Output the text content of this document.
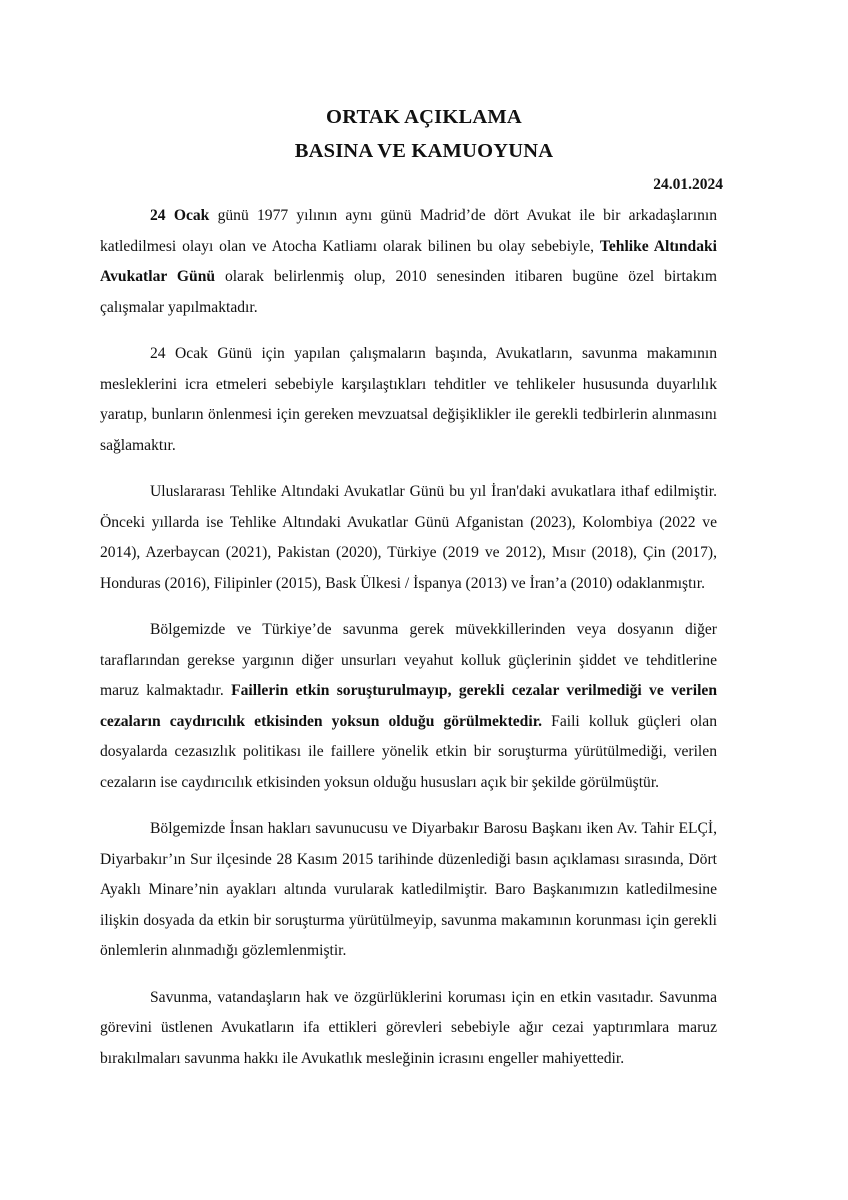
ORTAK AÇIKLAMA
BASINA VE KAMUOYUNA
24.01.2024

24 Ocak günü 1977 yılının aynı günü Madrid’de dört Avukat ile bir arkadaşlarının katledilmesi olayı olan ve Atocha Katliamı olarak bilinen bu olay sebebiyle, Tehlike Altındaki Avukatlar Günü olarak belirlenmiş olup, 2010 senesinden itibaren bugüne özel birtakım çalışmalar yapılmaktadır.

24 Ocak Günü için yapılan çalışmaların başında, Avukatların, savunma makamının mesleklerini icra etmeleri sebebiyle karşılaştıkları tehditler ve tehlikeler hususunda duyarlılık yaratıp, bunların önlenmesi için gereken mevzuatsal değişiklikler ile gerekli tedbirlerin alınmasını sağlamaktır.

Uluslararası Tehlike Altındaki Avukatlar Günü bu yıl İran'daki avukatlara ithaf edilmiştir. Önceki yıllarda ise Tehlike Altındaki Avukatlar Günü Afganistan (2023), Kolombiya (2022 ve 2014), Azerbaycan (2021), Pakistan (2020), Türkiye (2019 ve 2012), Mısır (2018), Çin (2017), Honduras (2016), Filipinler (2015), Bask Ülkesi / İspanya (2013) ve İran’a (2010) odaklanmıştır.

Bölgemizde ve Türkiye’de savunma gerek müvekkillerinden veya dosyanın diğer taraflarından gerekse yargının diğer unsurları veyahut kolluk güçlerinin şiddet ve tehditlerine maruz kalmaktadır. Faillerin etkin soruşturulmayıp, gerekli cezalar verilmediği ve verilen cezaların caydırıcılık etkisinden yoksun olduğu görülmektedir. Faili kolluk güçleri olan dosyalarda cezasızlık politikası ile faillere yönelik etkin bir soruşturma yürütülmediği, verilen cezaların ise caydırıcılık etkisinden yoksun olduğu hususları açık bir şekilde görülmüştür.

Bölgemizde İnsan hakları savunucusu ve Diyarbakır Barosu Başkanı iken Av. Tahir ELÇİ, Diyarbakır’ın Sur ilçesinde 28 Kasım 2015 tarihinde düzenlediği basın açıklaması sırasında, Dört Ayaklı Minare’nin ayakları altında vurularak katledilmiştir. Baro Başkanımızın katledilmesine ilişkin dosyada da etkin bir soruşturma yürütülmeyip, savunma makamının korunması için gerekli önlemlerin alınmadığı gözlemlenmiştir.

Savunma, vatandaşların hak ve özgürlüklerini koruması için en etkin vasıtadır. Savunma görevini üstlenen Avukatların ifa ettikleri görevleri sebebiyle ağır cezai yaptırımlara maruz bırakılmaları savunma hakkı ile Avukatlık mesleğinin icrasını engeller mahiyettedir.
